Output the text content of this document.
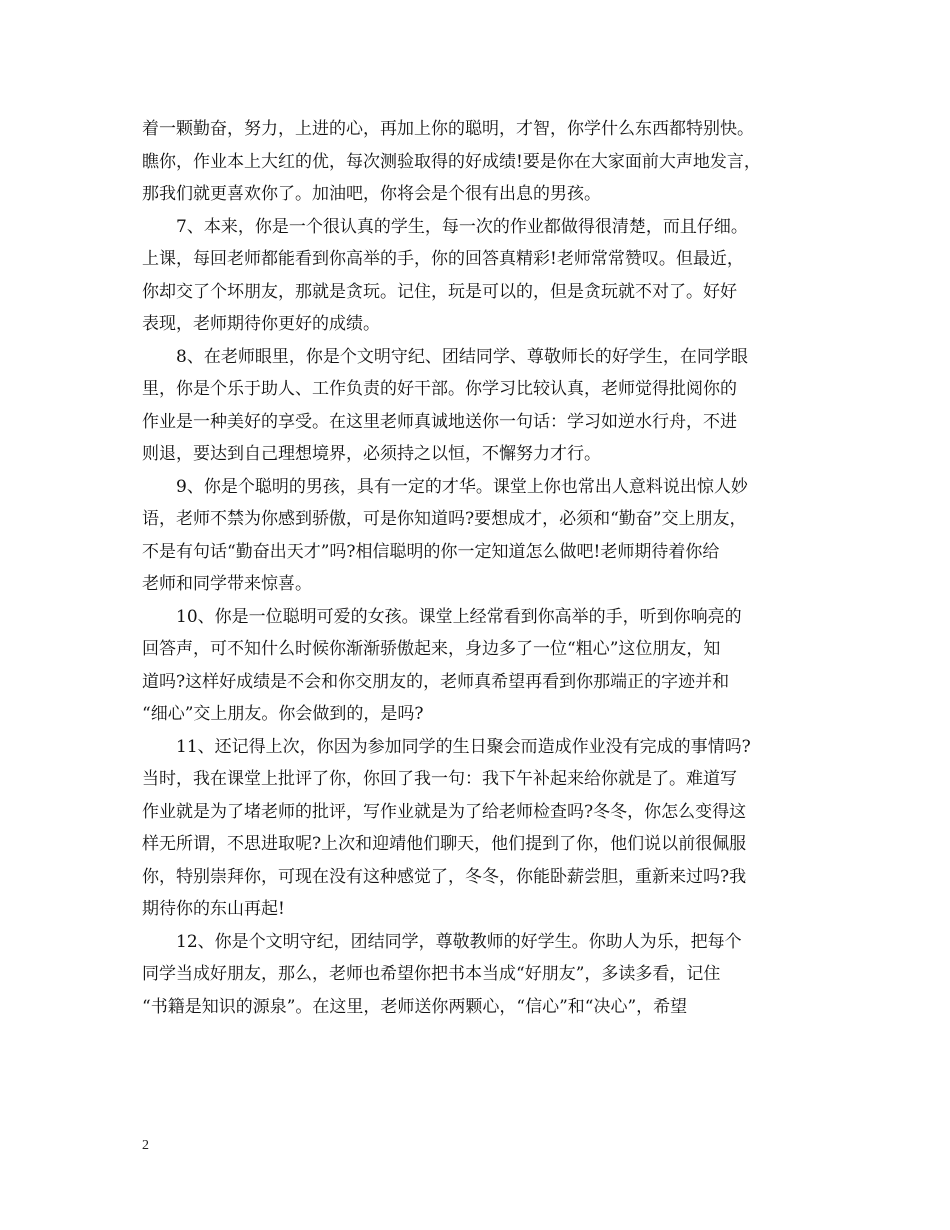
着一颗勤奋，努力，上进的心，再加上你的聪明，才智，你学什么东西都特别快。
瞧你，作业本上大红的优，每次测验取得的好成绩!要是你在大家面前大声地发言，
那我们就更喜欢你了。加油吧，你将会是个很有出息的男孩。
7、本来，你是一个很认真的学生，每一次的作业都做得很清楚，而且仔细。
上课，每回老师都能看到你高举的手，你的回答真精彩!老师常常赞叹。但最近，
你却交了个坏朋友，那就是贪玩。记住，玩是可以的，但是贪玩就不对了。好好
表现，老师期待你更好的成绩。
8、在老师眼里，你是个文明守纪、团结同学、尊敬师长的好学生，在同学眼
里，你是个乐于助人、工作负责的好干部。你学习比较认真，老师觉得批阅你的
作业是一种美好的享受。在这里老师真诚地送你一句话：学习如逆水行舟，不进
则退，要达到自己理想境界，必须持之以恒，不懈努力才行。
9、你是个聪明的男孩，具有一定的才华。课堂上你也常出人意料说出惊人妙
语，老师不禁为你感到骄傲，可是你知道吗?要想成才，必须和“勤奋”交上朋友，
不是有句话“勤奋出天才”吗?相信聪明的你一定知道怎么做吧!老师期待着你给
老师和同学带来惊喜。
10、你是一位聪明可爱的女孩。课堂上经常看到你高举的手，听到你响亮的
回答声，可不知什么时候你渐渐骄傲起来，身边多了一位“粗心”这位朋友，知
道吗?这样好成绩是不会和你交朋友的，老师真希望再看到你那端正的字迹并和
“细心”交上朋友。你会做到的，是吗?
11、还记得上次，你因为参加同学的生日聚会而造成作业没有完成的事情吗?
当时，我在课堂上批评了你，你回了我一句：我下午补起来给你就是了。难道写
作业就是为了堵老师的批评，写作业就是为了给老师检查吗?冬冬，你怎么变得这
样无所谓，不思进取呢?上次和迎靖他们聊天，他们提到了你，他们说以前很佩服
你，特别崇拜你，可现在没有这种感觉了，冬冬，你能卧薪尝胆，重新来过吗?我
期待你的东山再起!
12、你是个文明守纪，团结同学，尊敬教师的好学生。你助人为乐，把每个
同学当成好朋友，那么，老师也希望你把书本当成“好朋友”，多读多看，记住
“书籍是知识的源泉”。在这里，老师送你两颗心，“信心”和“决心”，希望
2
